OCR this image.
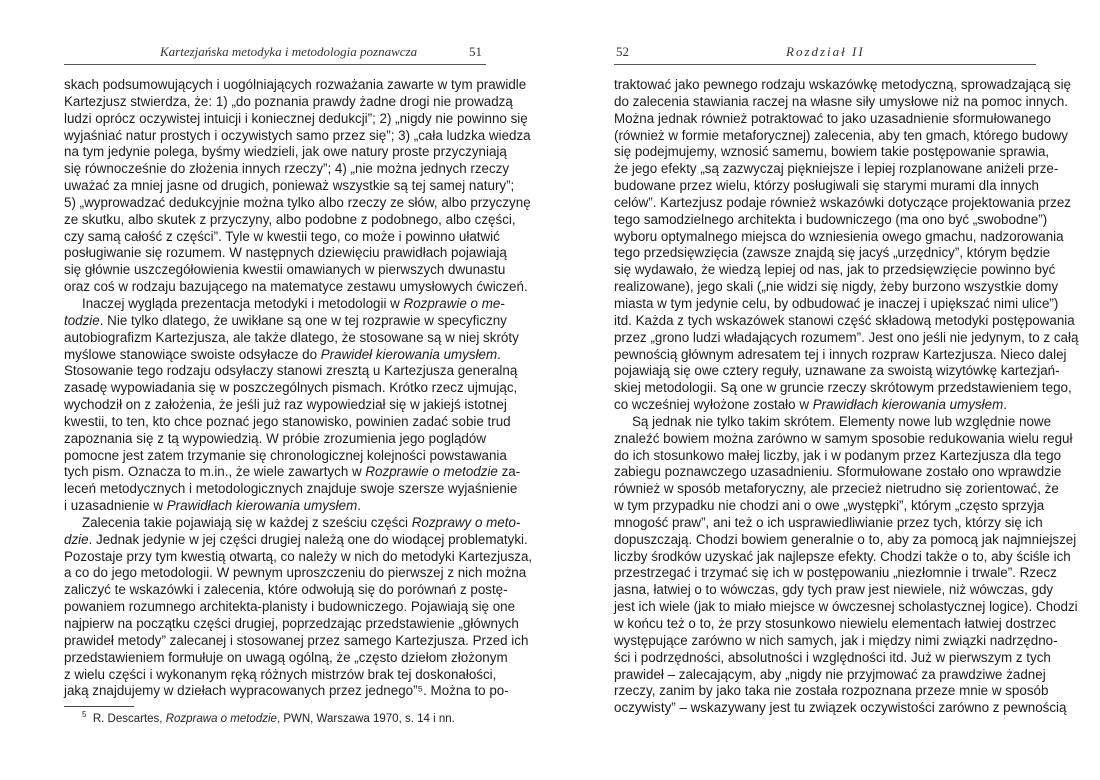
Kartezjańska metodyka i metodologia poznawcza	51
skach podsumowujących i uogólniających rozważania zawarte w tym prawidle
Kartezjusz stwierdza, że: 1) „do poznania prawdy żadne drogi nie prowadzą
ludzi oprócz oczywistej intuicji i koniecznej dedukcji”; 2) „nigdy nie powinno się
wyjaśniać natur prostych i oczywistych samo przez się”; 3) „cała ludzka wiedza
na tym jedynie polega, byśmy wiedzieli, jak owe natury proste przyczyniają
się równocześnie do złożenia innych rzeczy”; 4) „nie można jednych rzeczy
uważać za mniej jasne od drugich, ponieważ wszystkie są tej samej natury”;
5) „wyprowadzać dedukcyjnie można tylko albo rzeczy ze słów, albo przyczynę
ze skutku, albo skutek z przyczyny, albo podobne z podobnego, albo części,
czy samą całość z części”. Tyle w kwestii tego, co może i powinno ułatwić
posługiwanie się rozumem. W następnych dziewięciu prawidłach pojawiają
się głównie uszczegółowienia kwestii omawianych w pierwszych dwunastu
oraz coś w rodzaju bazującego na matematyce zestawu umysłowych ćwiczeń.
Inaczej wygląda prezentacja metodyki i metodologii w Rozprawie o me-
todzie. Nie tylko dlatego, że uwikłane są one w tej rozprawie w specyficzny
autobiografizm Kartezjusza, ale także dlatego, że stosowane są w niej skróty
myślowe stanowiące swoiste odsyłacze do Prawideł kierowania umysłem.
Stosowanie tego rodzaju odsyłaczy stanowi zresztą u Kartezjusza generalną
zasadę wypowiadania się w poszczególnych pismach. Krótko rzecz ujmując,
wychodził on z założenia, że jeśli już raz wypowiedział się w jakiejś istotnej
kwestii, to ten, kto chce poznać jego stanowisko, powinien zadać sobie trud
zapoznania się z tą wypowiedzią. W próbie zrozumienia jego poglądów
pomocne jest zatem trzymanie się chronologicznej kolejności powstawania
tych pism. Oznacza to m.in., że wiele zawartych w Rozprawie o metodzie za-
leceń metodycznych i metodologicznych znajduje swoje szersze wyjaśnienie
i uzasadnienie w Prawidłach kierowania umysłem.
Zalecenia takie pojawiają się w każdej z sześciu części Rozprawy o meto-
dzie. Jednak jedynie w jej części drugiej należą one do wiodącej problematyki.
Pozostaje przy tym kwestią otwartą, co należy w nich do metodyki Kartezjusza,
a co do jego metodologii. W pewnym uproszczeniu do pierwszej z nich można
zaliczyć te wskazówki i zalecenia, które odwołują się do porównań z postę-
powaniem rozumnego architekta-planisty i budowniczego. Pojawiają się one
najpierw na początku części drugiej, poprzedzając przedstawienie „głównych
prawideł metody” zalecanej i stosowanej przez samego Kartezjusza. Przed ich
przedstawieniem formułuje on uwagą ogólną, że „często dziełom złożonym
z wielu części i wykonanym ręką różnych mistrzów brak tej doskonałości,
jaką znajdujemy w dziełach wypracowanych przez jednego”⁵. Można to po-
$^5$ R. Descartes, Rozprawa o metodzie, PWN, Warszawa 1970, s. 14 i nn.
52	Rozdział II
traktować jako pewnego rodzaju wskazówkę metodyczną, sprowadzającą się
do zalecenia stawiania raczej na własne siły umysłowe niż na pomoc innych.
Można jednak również potraktować to jako uzasadnienie sformułowanego
(również w formie metaforycznej) zalecenia, aby ten gmach, którego budowy
się podejmujemy, wznosić samemu, bowiem takie postępowanie sprawia,
że jego efekty „są zazwyczaj piękniejsze i lepiej rozplanowane aniżeli prze-
budowane przez wielu, którzy posługiwali się starymi murami dla innych
celów”. Kartezjusz podaje również wskazówki dotyczące projektowania przez
tego samodzielnego architekta i budowniczego (ma ono być „swobodne”)
wyboru optymalnego miejsca do wzniesienia owego gmachu, nadzorowania
tego przedsięwzięcia (zawsze znajdą się jacyś „urzędnicy”, którym będzie
się wydawało, że wiedzą lepiej od nas, jak to przedsięwzięcie powinno być
realizowane), jego skali („nie widzi się nigdy, żeby burzono wszystkie domy
miasta w tym jedynie celu, by odbudować je inaczej i upiększać nimi ulice”)
itd. Każda z tych wskazówek stanowi część składową metodyki postępowania
przez „grono ludzi władających rozumem”. Jest ono jeśli nie jedynym, to z całą
pewnością głównym adresatem tej i innych rozpraw Kartezjusza. Nieco dalej
pojawiają się owe cztery reguły, uznawane za swoistą wizytówkę kartezjań-
skiej metodologii. Są one w gruncie rzeczy skrótowym przedstawieniem tego,
co wcześniej wyłożone zostało w Prawidłach kierowania umysłem.
Są jednak nie tylko takim skrótem. Elementy nowe lub względnie nowe
znaleźć bowiem można zarówno w samym sposobie redukowania wielu reguł
do ich stosunkowo małej liczby, jak i w podanym przez Kartezjusza dla tego
zabiegu poznawczego uzasadnieniu. Sformułowane zostało ono wprawdzie
również w sposób metaforyczny, ale przecież nietrudno się zorientować, że
w tym przypadku nie chodzi ani o owe „występki”, którym „często sprzyja
mnogość praw”, ani też o ich usprawiedliwianie przez tych, którzy się ich
dopuszczają. Chodzi bowiem generalnie o to, aby za pomocą jak najmniejszej
liczby środków uzyskać jak najlepsze efekty. Chodzi także o to, aby ściśle ich
przestrzegać i trzymać się ich w postępowaniu „niezłomnie i trwale”. Rzecz
jasna, łatwiej o to wówczas, gdy tych praw jest niewiele, niż wówczas, gdy
jest ich wiele (jak to miało miejsce w ówczesnej scholastycznej logice). Chodzi
w końcu też o to, że przy stosunkowo niewielu elementach łatwiej dostrzec
występujące zarówno w nich samych, jak i między nimi związki nadrzędno-
ści i podrzędności, absolutności i względności itd. Już w pierwszym z tych
prawideł – zalecającym, aby „nigdy nie przyjmować za prawdziwe żadnej
rzeczy, zanim by jako taka nie została rozpoznana przeze mnie w sposób
oczywisty” – wskazywany jest tu związek oczywistości zarówno z pewnością
